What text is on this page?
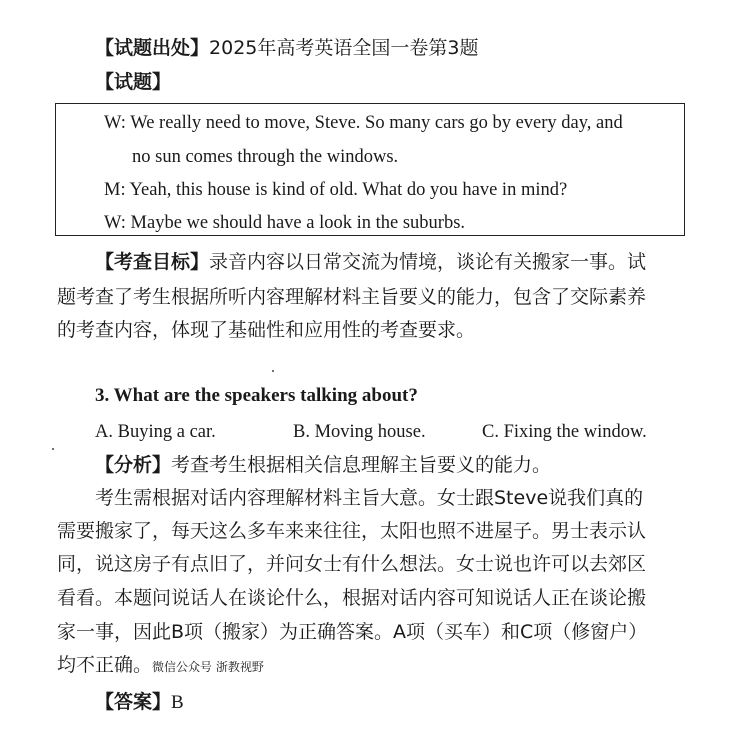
【试题出处】2025年高考英语全国一卷第3题
【试题】
W: We really need to move, Steve. So many cars go by every day, and
no sun comes through the windows.
M: Yeah, this house is kind of old. What do you have in mind?
W: Maybe we should have a look in the suburbs.
【考查目标】录音内容以日常交流为情境，谈论有关搬家一事。试
题考查了考生根据所听内容理解材料主旨要义的能力，包含了交际素养
的考查内容，体现了基础性和应用性的考查要求。
3. What are the speakers talking about?
A. Buying a car.	B. Moving house.	C. Fixing the window.
【分析】考查考生根据相关信息理解主旨要义的能力。
考生需根据对话内容理解材料主旨大意。女士跟Steve说我们真的
需要搬家了，每天这么多车来来往往，太阳也照不进屋子。男士表示认
同，说这房子有点旧了，并问女士有什么想法。女士说也许可以去郊区
看看。本题问说话人在谈论什么，根据对话内容可知说话人正在谈论搬
家一事，因此B项（搬家）为正确答案。A项（买车）和C项（修窗户）
均不正确。微信公众号 浙教视野
【答案】B
